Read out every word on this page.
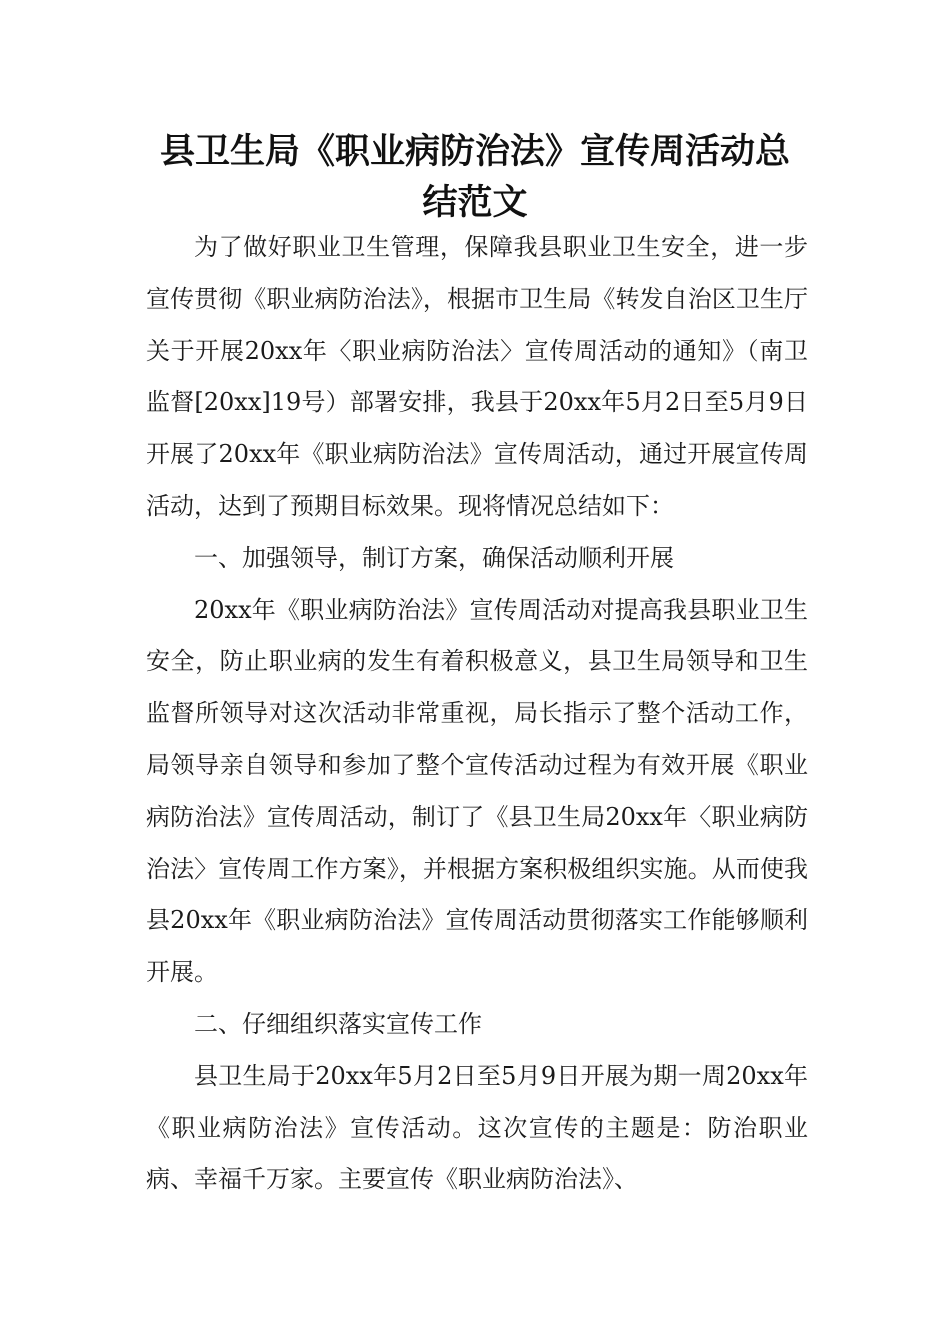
县卫生局《职业病防治法》宣传周活动总
结范文

为了做好职业卫生管理，保障我县职业卫生安全，进一步宣传贯彻《职业病防治法》，根据市卫生局《转发自治区卫生厅关于开展20xx年〈职业病防治法〉宣传周活动的通知》（南卫监督[20xx]19号）部署安排，我县于20xx年5月2日至5月9日开展了20xx年《职业病防治法》宣传周活动，通过开展宣传周活动，达到了预期目标效果。现将情况总结如下：

一、加强领导，制订方案，确保活动顺利开展

20xx年《职业病防治法》宣传周活动对提高我县职业卫生安全，防止职业病的发生有着积极意义，县卫生局领导和卫生监督所领导对这次活动非常重视，局长指示了整个活动工作，局领导亲自领导和参加了整个宣传活动过程为有效开展《职业病防治法》宣传周活动，制订了《县卫生局20xx年〈职业病防治法〉宣传周工作方案》，并根据方案积极组织实施。从而使我县20xx年《职业病防治法》宣传周活动贯彻落实工作能够顺利开展。

二、仔细组织落实宣传工作

县卫生局于20xx年5月2日至5月9日开展为期一周20xx年《职业病防治法》宣传活动。这次宣传的主题是：防治职业病、幸福千万家。主要宣传《职业病防治法》、
